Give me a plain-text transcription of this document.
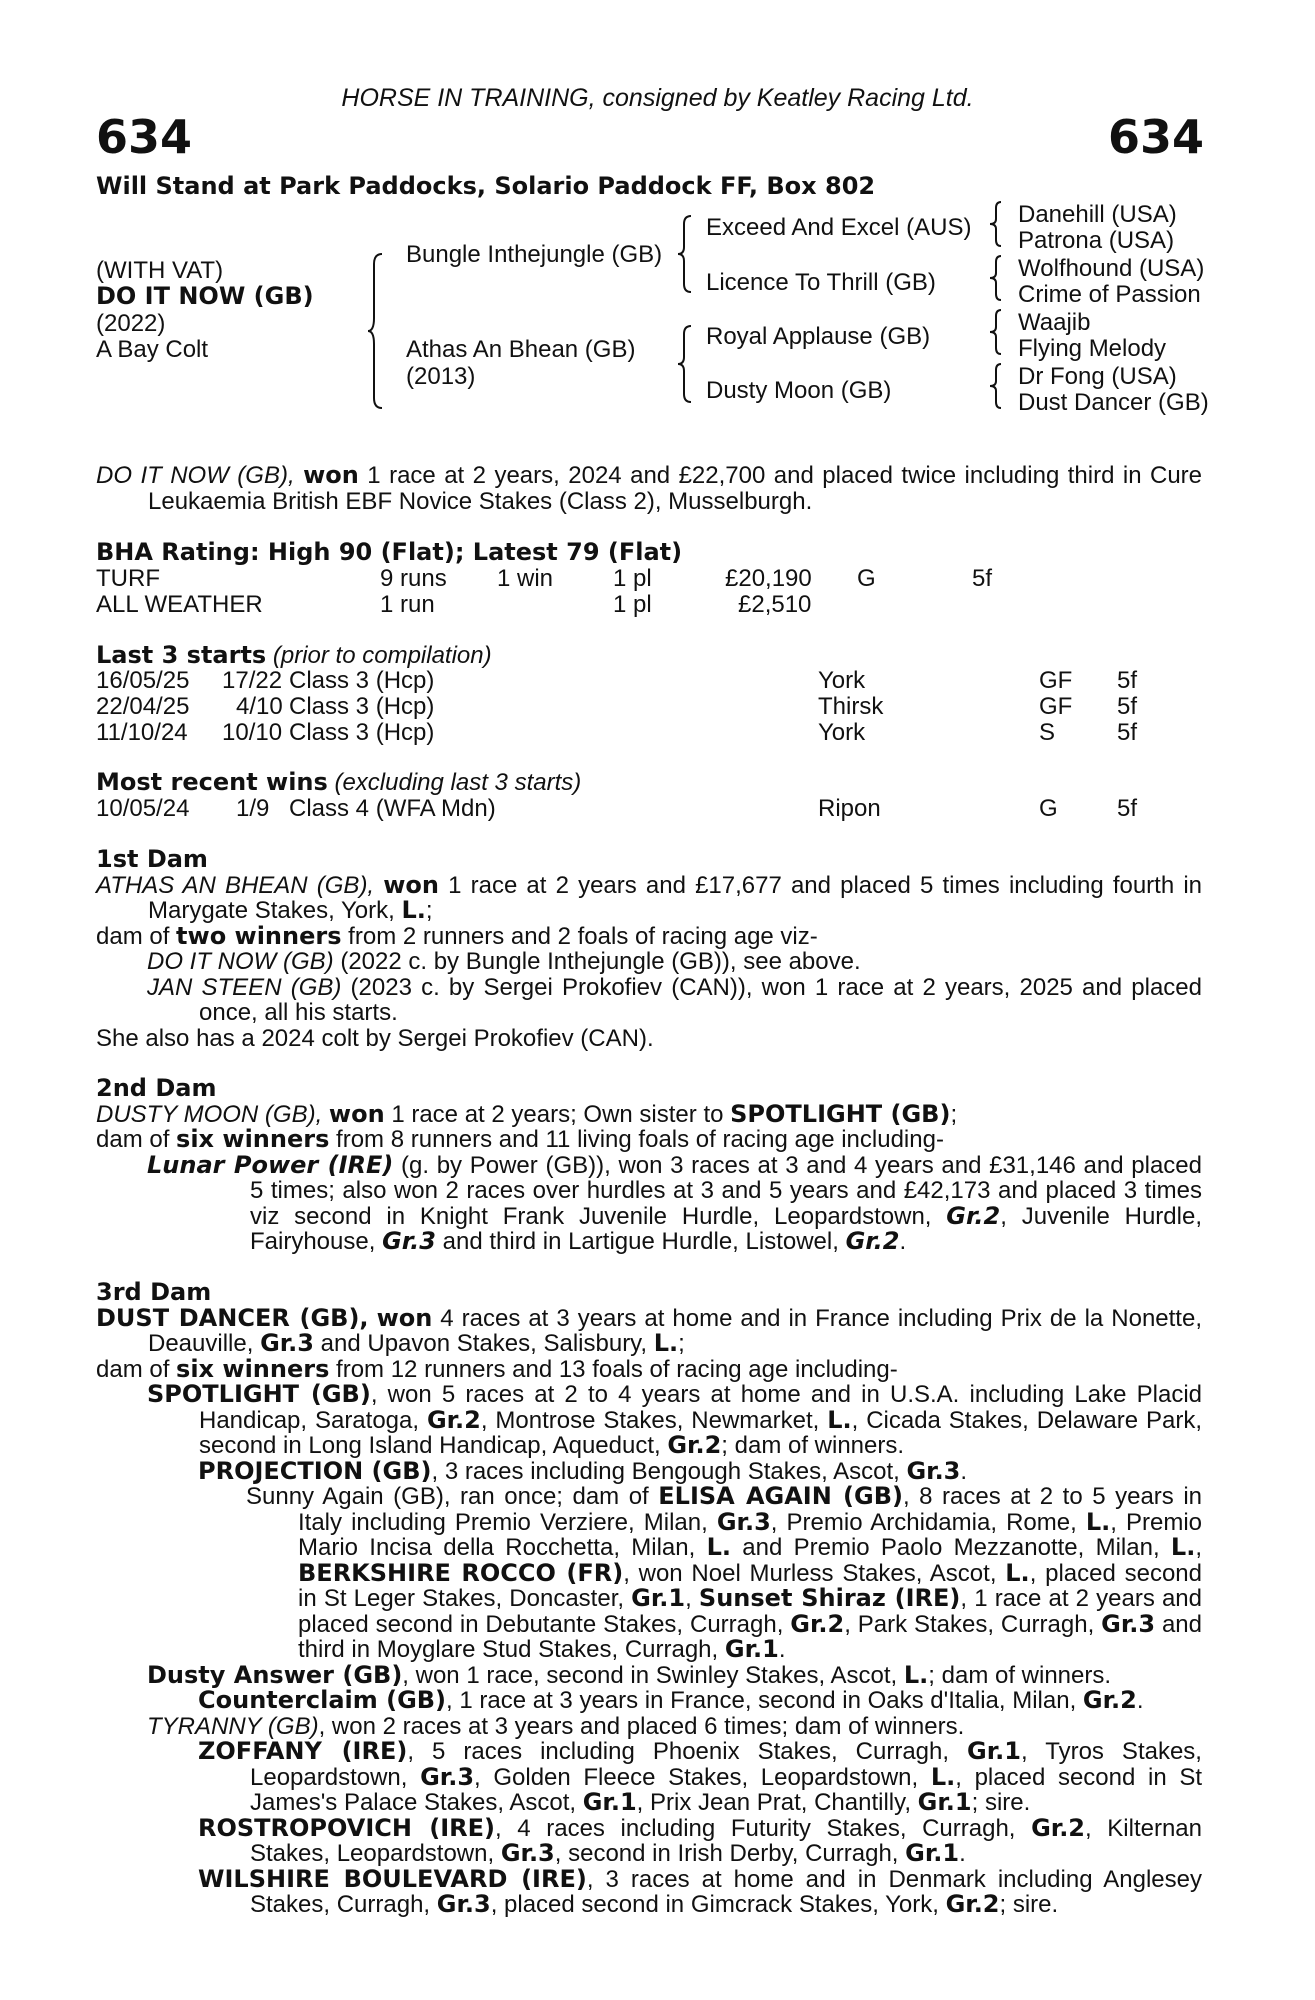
HORSE IN TRAINING, consigned by Keatley Racing Ltd.
634	634
Will Stand at Park Paddocks, Solario Paddock FF, Box 802
(WITH VAT)
DO IT NOW (GB)
(2022)
A Bay Colt
Bungle Inthejungle (GB)
Athas An Bhean (GB)
(2013)
Exceed And Excel (AUS)
Licence To Thrill (GB)
Royal Applause (GB)
Dusty Moon (GB)
Danehill (USA)
Patrona (USA)
Wolfhound (USA)
Crime of Passion
Waajib
Flying Melody
Dr Fong (USA)
Dust Dancer (GB)

DO IT NOW (GB), won 1 race at 2 years, 2024 and £22,700 and placed twice including third in Cure Leukaemia British EBF Novice Stakes (Class 2), Musselburgh.

BHA Rating: High 90 (Flat); Latest 79 (Flat)
TURF	9 runs 1 win 1 pl	£20,190 G	5f
ALL WEATHER	1 run	1 pl	£2,510
Last 3 starts (prior to compilation)
16/05/25 17/22 Class 3 (Hcp)	York	GF 5f
22/04/25 4/10 Class 3 (Hcp)	Thirsk	GF 5f
11/10/24 10/10 Class 3 (Hcp)	York	S	5f
Most recent wins (excluding last 3 starts)
10/05/24 1/9 Class 4 (WFA Mdn)	Ripon	G 5f

1st Dam

ATHAS AN BHEAN (GB), won 1 race at 2 years and £17,677 and placed 5 times including fourth in Marygate Stakes, York, L.;

dam of two winners from 2 runners and 2 foals of racing age viz-

DO IT NOW (GB) (2022 c. by Bungle Inthejungle (GB)), see above.

JAN STEEN (GB) (2023 c. by Sergei Prokofiev (CAN)), won 1 race at 2 years, 2025 and placed once, all his starts.

She also has a 2024 colt by Sergei Prokofiev (CAN).

2nd Dam

DUSTY MOON (GB), won 1 race at 2 years; Own sister to SPOTLIGHT (GB);

dam of six winners from 8 runners and 11 living foals of racing age including-

Lunar Power (IRE) (g. by Power (GB)), won 3 races at 3 and 4 years and £31,146 and placed 5 times; also won 2 races over hurdles at 3 and 5 years and £42,173 and placed 3 times viz second in Knight Frank Juvenile Hurdle, Leopardstown, Gr.2, Juvenile Hurdle, Fairyhouse, Gr.3 and third in Lartigue Hurdle, Listowel, Gr.2.

3rd Dam

DUST DANCER (GB), won 4 races at 3 years at home and in France including Prix de la Nonette, Deauville, Gr.3 and Upavon Stakes, Salisbury, L.;

dam of six winners from 12 runners and 13 foals of racing age including-

SPOTLIGHT (GB), won 5 races at 2 to 4 years at home and in U.S.A. including Lake Placid Handicap, Saratoga, Gr.2, Montrose Stakes, Newmarket, L., Cicada Stakes, Delaware Park, second in Long Island Handicap, Aqueduct, Gr.2; dam of winners.

PROJECTION (GB), 3 races including Bengough Stakes, Ascot, Gr.3.

Sunny Again (GB), ran once; dam of ELISA AGAIN (GB), 8 races at 2 to 5 years in Italy including Premio Verziere, Milan, Gr.3, Premio Archidamia, Rome, L., Premio Mario Incisa della Rocchetta, Milan, L. and Premio Paolo Mezzanotte, Milan, L., BERKSHIRE ROCCO (FR), won Noel Murless Stakes, Ascot, L., placed second in St Leger Stakes, Doncaster, Gr.1, Sunset Shiraz (IRE), 1 race at 2 years and placed second in Debutante Stakes, Curragh, Gr.2, Park Stakes, Curragh, Gr.3 and third in Moyglare Stud Stakes, Curragh, Gr.1.

Dusty Answer (GB), won 1 race, second in Swinley Stakes, Ascot, L.; dam of winners.

Counterclaim (GB), 1 race at 3 years in France, second in Oaks d'Italia, Milan, Gr.2.

TYRANNY (GB), won 2 races at 3 years and placed 6 times; dam of winners.

ZOFFANY (IRE), 5 races including Phoenix Stakes, Curragh, Gr.1, Tyros Stakes, Leopardstown, Gr.3, Golden Fleece Stakes, Leopardstown, L., placed second in St James's Palace Stakes, Ascot, Gr.1, Prix Jean Prat, Chantilly, Gr.1; sire.

ROSTROPOVICH (IRE), 4 races including Futurity Stakes, Curragh, Gr.2, Kilternan Stakes, Leopardstown, Gr.3, second in Irish Derby, Curragh, Gr.1.

WILSHIRE BOULEVARD (IRE), 3 races at home and in Denmark including Anglesey Stakes, Curragh, Gr.3, placed second in Gimcrack Stakes, York, Gr.2; sire.
